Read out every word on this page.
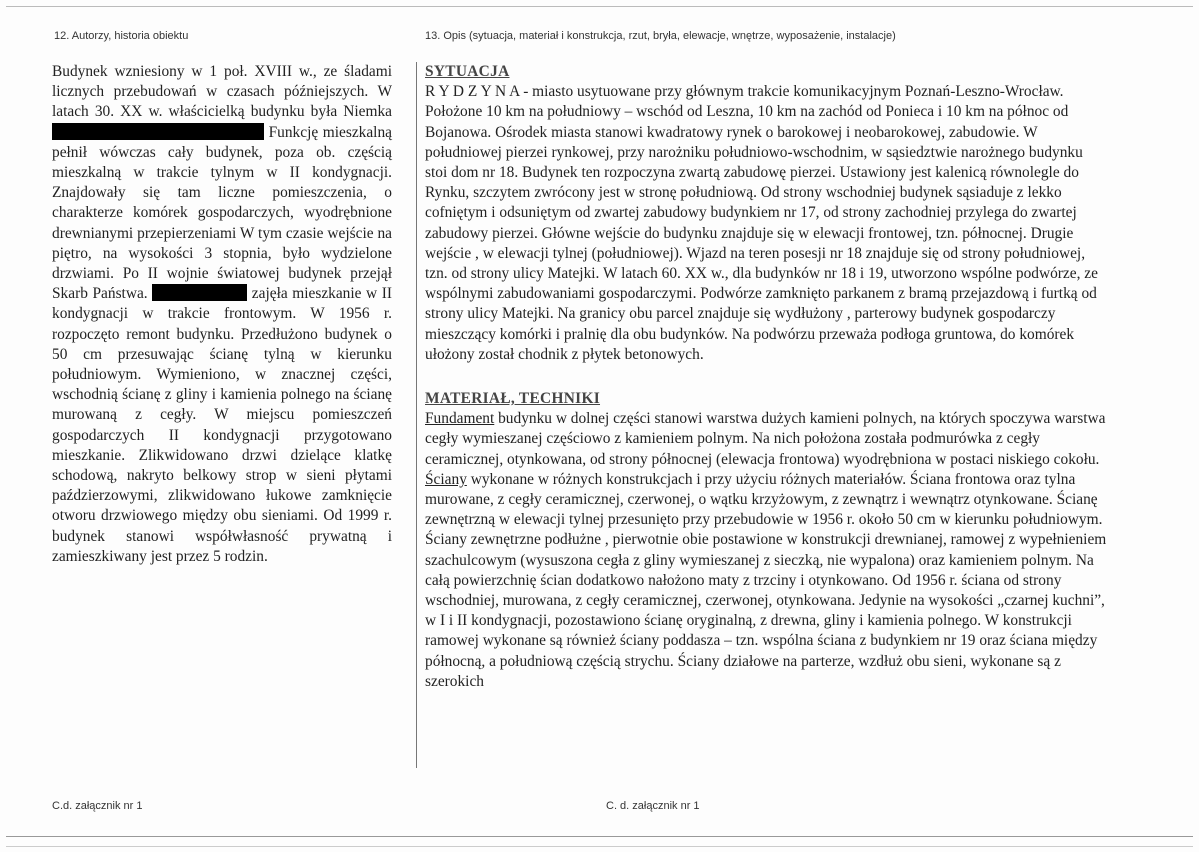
12. Autorzy, historia obiektu	13. Opis (sytuacja, materiał i konstrukcja, rzut, bryła, elewacje, wnętrze, wyposażenie, instalacje)

Budynek wzniesiony w 1 poł. XVIII w., ze śladami licznych przebudowań w czasach późniejszych. W latach 30. XX w. właścicielką budynku była Niemka  Funkcję mieszkalną pełnił wówczas cały budynek, poza ob. częścią mieszkalną w trakcie tylnym w II kondygnacji. Znajdowały się tam liczne pomieszczenia, o charakterze komórek gospodarczych, wyodrębnione drewnianymi przepierzeniami W tym czasie wejście na piętro, na wysokości 3 stopnia, było wydzielone drzwiami. Po II wojnie światowej budynek przejął Skarb Państwa.	zajęła mieszkanie w II kondygnacji w trakcie frontowym. W 1956 r. rozpoczęto remont budynku. Przedłużono budynek o 50 cm przesuwając ścianę tylną w kierunku południowym. Wymieniono, w znacznej części, wschodnią ścianę z gliny i kamienia polnego na ścianę murowaną z cegły. W miejscu pomieszczeń gospodarczych II kondygnacji przygotowano mieszkanie. Zlikwidowano drzwi dzielące klatkę schodową, nakryto belkowy strop w sieni płytami paździerzowymi, zlikwidowano łukowe zamknięcie otworu drzwiowego między obu sieniami. Od 1999 r. budynek stanowi współwłasność prywatną i zamieszkiwany jest przez 5 rodzin.

SYTUACJA

R Y D Z Y N A - miasto usytuowane przy głównym trakcie komunikacyjnym Poznań-Leszno-Wrocław. Położone 10 km na południowy – wschód od Leszna, 10 km na zachód od Ponieca i 10 km na północ od Bojanowa. Ośrodek miasta stanowi kwadratowy rynek o barokowej i neobarokowej, zabudowie. W południowej pierzei rynkowej, przy narożniku południowo-wschodnim, w sąsiedztwie narożnego budynku stoi dom nr 18. Budynek ten rozpoczyna zwartą zabudowę pierzei. Ustawiony jest kalenicą równolegle do Rynku, szczytem zwrócony jest w stronę południową. Od strony wschodniej budynek sąsiaduje z lekko cofniętym i odsuniętym od zwartej zabudowy budynkiem nr 17, od strony zachodniej przylega do zwartej zabudowy pierzei. Główne wejście do budynku znajduje się w elewacji frontowej, tzn. północnej. Drugie wejście , w elewacji tylnej (południowej). Wjazd na teren posesji nr 18 znajduje się od strony południowej, tzn. od strony ulicy Matejki. W latach 60. XX w., dla budynków nr 18 i 19, utworzono wspólne podwórze, ze wspólnymi zabudowaniami gospodarczymi. Podwórze zamknięto parkanem z bramą przejazdową i furtką od strony ulicy Matejki. Na granicy obu parcel znajduje się wydłużony , parterowy budynek gospodarczy mieszczący komórki i pralnię dla obu budynków. Na podwórzu przeważa podłoga gruntowa, do komórek ułożony został chodnik z płytek betonowych.

MATERIAŁ, TECHNIKI

Fundament budynku w dolnej części stanowi warstwa dużych kamieni polnych, na których spoczywa warstwa cegły wymieszanej częściowo z kamieniem polnym. Na nich położona została podmurówka z cegły ceramicznej, otynkowana, od strony północnej (elewacja frontowa) wyodrębniona w postaci niskiego cokołu.

Ściany wykonane w różnych konstrukcjach i przy użyciu różnych materiałów. Ściana frontowa oraz tylna murowane, z cegły ceramicznej, czerwonej, o wątku krzyżowym, z zewnątrz i wewnątrz otynkowane. Ścianę zewnętrzną w elewacji tylnej przesunięto przy przebudowie w 1956 r. około 50 cm w kierunku południowym.

Ściany zewnętrzne podłużne , pierwotnie obie postawione w konstrukcji drewnianej, ramowej z wypełnieniem szachulcowym (wysuszona cegła z gliny wymieszanej z sieczką, nie wypalona) oraz kamieniem polnym. Na całą powierzchnię ścian dodatkowo nałożono maty z trzciny i otynkowano. Od 1956 r. ściana od strony wschodniej, murowana, z cegły ceramicznej, czerwonej, otynkowana. Jedynie na wysokości „czarnej kuchni”, w I i II kondygnacji, pozostawiono ścianę oryginalną, z drewna, gliny i kamienia polnego. W konstrukcji ramowej wykonane są również ściany poddasza – tzn. wspólna ściana z budynkiem nr 19 oraz ściana między północną, a południową częścią strychu. Ściany działowe na parterze, wzdłuż obu sieni, wykonane są z szerokich

C.d. załącznik nr 1	C. d. załącznik nr 1
